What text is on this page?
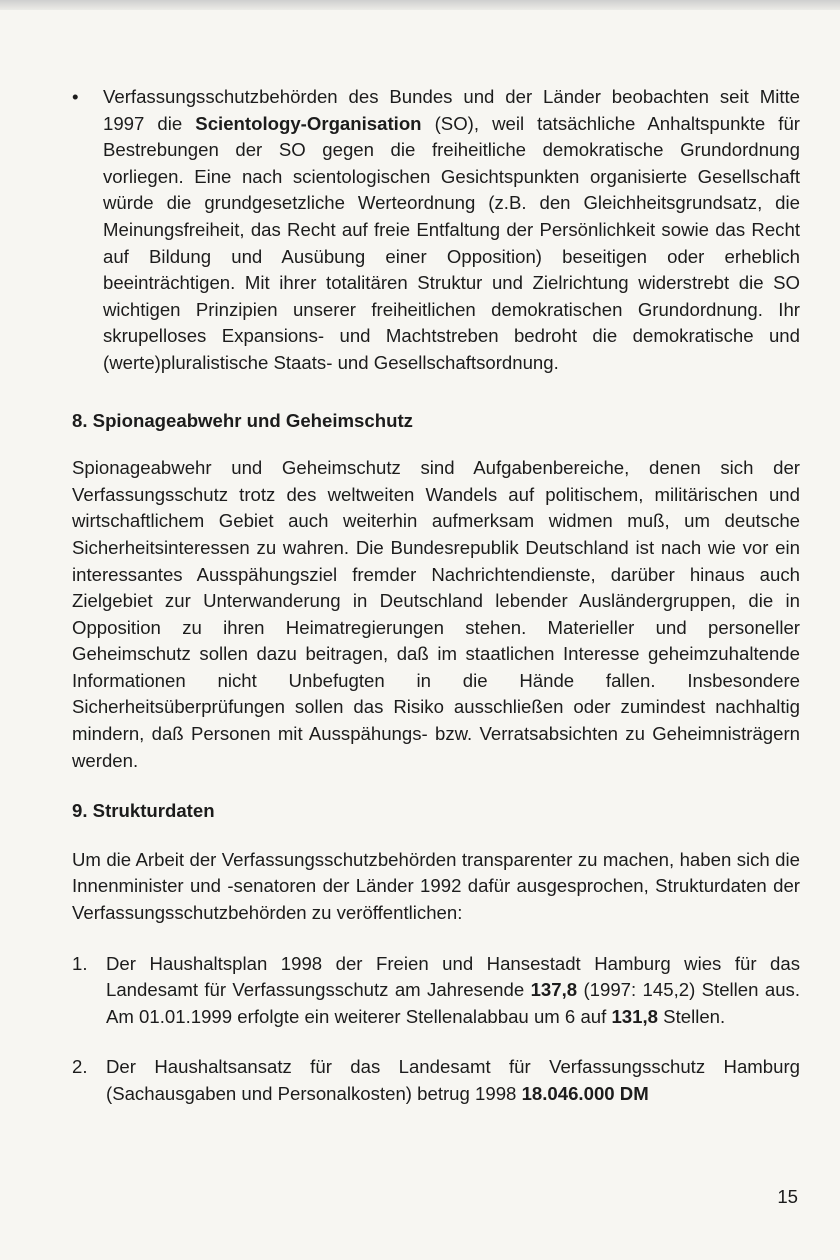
•	Verfassungsschutzbehörden des Bundes und der Länder beobachten seit Mitte 1997 die Scientology-Organisation (SO), weil tatsächliche Anhaltspunkte für Bestrebungen der SO gegen die freiheitliche demokratische Grundordnung vorliegen. Eine nach scientologischen Gesichtspunkten organisierte Gesellschaft würde die grundgesetzliche Werteordnung (z.B. den Gleichheitsgrundsatz, die Meinungsfreiheit, das Recht auf freie Entfaltung der Persönlichkeit sowie das Recht auf Bildung und Ausübung einer Opposition) beseitigen oder erheblich beeinträchtigen. Mit ihrer totalitären Struktur und Zielrichtung widerstrebt die SO wichtigen Prinzipien unserer freiheitlichen demokratischen Grundordnung. Ihr skrupelloses Expansions- und Machtstreben bedroht die demokratische und (werte)pluralistische Staats- und Gesellschaftsordnung.

8. Spionageabwehr und Geheimschutz

Spionageabwehr und Geheimschutz sind Aufgabenbereiche, denen sich der Verfassungsschutz trotz des weltweiten Wandels auf politischem, militärischen und wirtschaftlichem Gebiet auch weiterhin aufmerksam widmen muß, um deutsche Sicherheitsinteressen zu wahren. Die Bundesrepublik Deutschland ist nach wie vor ein interessantes Ausspähungsziel fremder Nachrichtendienste, darüber hinaus auch Zielgebiet zur Unterwanderung in Deutschland lebender Ausländergruppen, die in Opposition zu ihren Heimatregierungen stehen. Materieller und personeller Geheimschutz sollen dazu beitragen, daß im staatlichen Interesse geheimzuhaltende Informationen nicht Unbefugten in die Hände fallen. Insbesondere Sicherheitsüberprüfungen sollen das Risiko ausschließen oder zumindest nachhaltig mindern, daß Personen mit Ausspähungs- bzw. Verratsabsichten zu Geheimnisträgern werden.

9. Strukturdaten

Um die Arbeit der Verfassungsschutzbehörden transparenter zu machen, haben sich die Innenminister und -senatoren der Länder 1992 dafür ausgesprochen, Strukturdaten der Verfassungsschutzbehörden zu veröffentlichen:

1. Der Haushaltsplan 1998 der Freien und Hansestadt Hamburg wies für das Landesamt für Verfassungsschutz am Jahresende 137,8 (1997: 145,2) Stellen aus. Am 01.01.1999 erfolgte ein weiterer Stellenalabbau um 6 auf 131,8 Stellen.

2. Der Haushaltsansatz für das Landesamt für Verfassungsschutz Hamburg (Sachausgaben und Personalkosten) betrug 1998 18.046.000 DM

15
